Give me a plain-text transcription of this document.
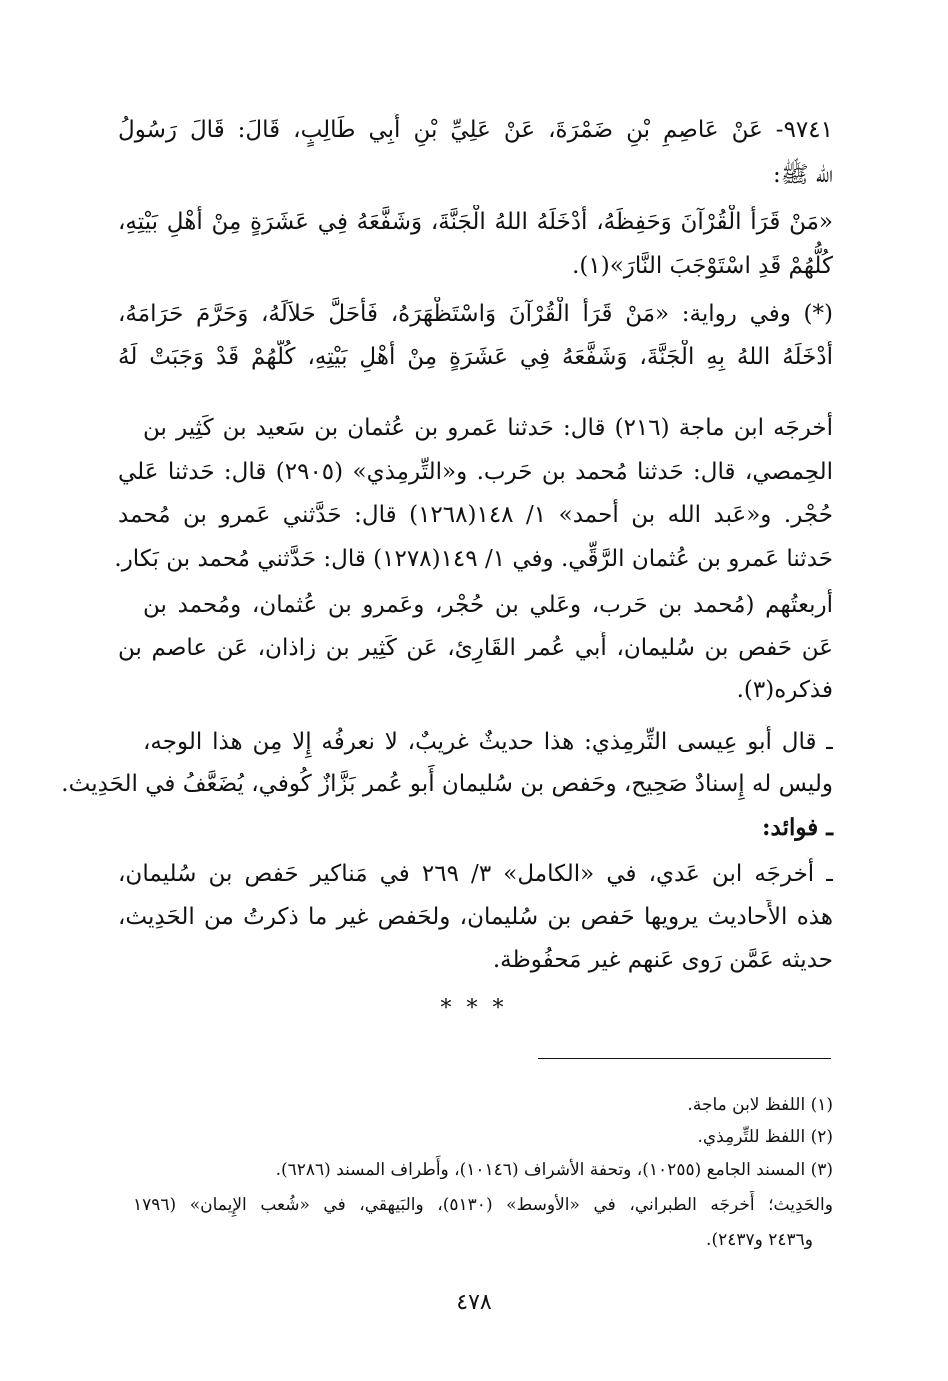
٩٧٤١- عَنْ عَاصِمِ بْنِ ضَمْرَةَ، عَنْ عَلِيِّ بْنِ أَبِي طَالِبٍ، قَالَ: قَالَ رَسُولُ
الله ﷺ:
«مَنْ قَرَأَ الْقُرْآنَ وَحَفِظَهُ، أَدْخَلَهُ اللهُ الْجَنَّةَ، وَشَفَّعَهُ فِي عَشَرَةٍ مِنْ أَهْلِ بَيْتِهِ،
كُلُّهُمْ قَدِ اسْتَوْجَبَ النَّارَ»(١).
(*) وفي رواية: «مَنْ قَرَأَ الْقُرْآنَ وَاسْتَظْهَرَهُ، فَأَحَلَّ حَلاَلَهُ، وَحَرَّمَ حَرَامَهُ،
أَدْخَلَهُ اللهُ بِهِ الْجَنَّةَ، وَشَفَّعَهُ فِي عَشَرَةٍ مِنْ أَهْلِ بَيْتِهِ، كُلُّهُمْ قَدْ وَجَبَتْ لَهُ
أخرجَه ابن ماجة (٢١٦) قال: حَدثنا عَمرو بن عُثمان بن سَعيد بن كَثِير بن
الحِمصي، قال: حَدثنا مُحمد بن حَرب. و«التِّرمِذي» (٢٩٠٥) قال: حَدثنا عَلي
حُجْر. و«عَبد الله بن أَحمد» ١/ ١٤٨(١٢٦٨) قال: حَدَّثني عَمرو بن مُحمد
حَدثنا عَمرو بن عُثمان الرَّقِّي. وفي ١/ ١٤٩(١٢٧٨) قال: حَدَّثني مُحمد بن بَكار.
أَربعتُهم (مُحمد بن حَرب، وعَلي بن حُجْر، وعَمرو بن عُثمان، ومُحمد بن
عَن حَفص بن سُليمان، أَبي عُمر القَارِئ، عَن كَثِير بن زاذان، عَن عاصم بن
فذكره(٣).
ـ قال أَبو عِيسى التِّرمِذي: هذا حديثٌ غريبٌ، لا نعرفُه إِلا مِن هذا الوجه،
وليس له إِسنادٌ صَحِيح، وحَفص بن سُليمان أَبو عُمر بَزَّازٌ كُوفي، يُضَعَّفُ في الحَدِيث.
ـ فوائد:
ـ أَخرجَه ابن عَدي، في «الكامل» ٣/ ٢٦٩ في مَناكير حَفص بن سُليمان،
هذه الأَحاديث يرويها حَفص بن سُليمان، ولحَفص غير ما ذكرتُ من الحَدِيث،
حديثه عَمَّن رَوى عَنهم غير مَحفُوظة.
* * *
(١) اللفظ لابن ماجة.
(٢) اللفظ للتِّرمِذي.
(٣) المسند الجامع (١٠٢٥٥)، وتحفة الأشراف (١٠١٤٦)، وأَطراف المسند (٦٢٨٦).
والحَدِيث؛ أَخرجَه الطبراني، في «الأوسط» (٥١٣٠)، والبَيهقي، في «شُعب الإِيمان» (١٧٩٦
و٢٤٣٦ و٢٤٣٧).
٤٧٨
